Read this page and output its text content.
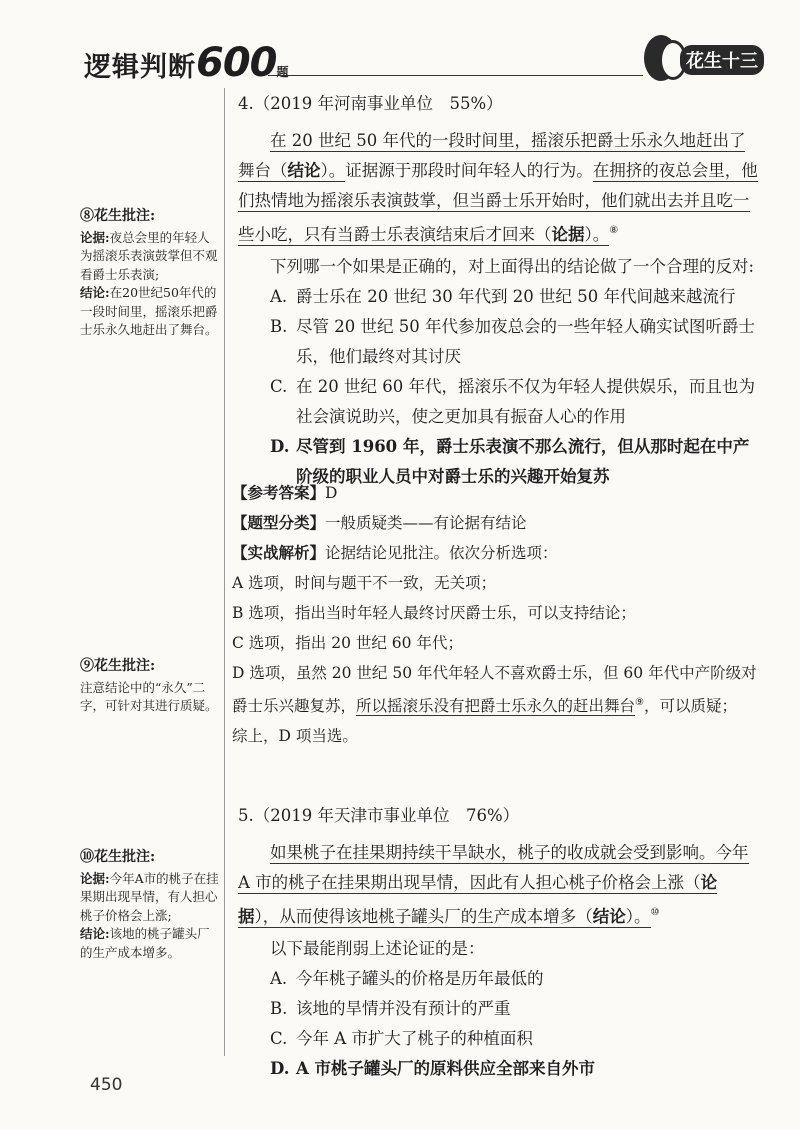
逻辑判断600题	花生十三
⑧花生批注:
论据:夜总会里的年轻人为摇滚乐表演鼓掌但不观看爵士乐表演;
结论:在20世纪50年代的一段时间里，摇滚乐把爵士乐永久地赶出了舞台。
⑨花生批注:
注意结论中的“永久”二字，可针对其进行质疑。
⑩花生批注:
论据:今年A市的桃子在挂果期出现旱情，有人担心桃子价格会上涨;
结论:该地的桃子罐头厂的生产成本增多。
4.（2019 年河南事业单位　55%）

在 20 世纪 50 年代的一段时间里，摇滚乐把爵士乐永久地赶出了舞台（结论）。证据源于那段时间年轻人的行为。在拥挤的夜总会里，他们热情地为摇滚乐表演鼓掌，但当爵士乐开始时，他们就出去并且吃一些小吃，只有当爵士乐表演结束后才回来（论据）。⑧

下列哪一个如果是正确的，对上面得出的结论做了一个合理的反对:

A. 爵士乐在 20 世纪 30 年代到 20 世纪 50 年代间越来越流行
B. 尽管 20 世纪 50 年代参加夜总会的一些年轻人确实试图听爵士乐，他们最终对其讨厌
C. 在 20 世纪 60 年代，摇滚乐不仅为年轻人提供娱乐，而且也为社会演说助兴，使之更加具有振奋人心的作用
D. 尽管到 1960 年，爵士乐表演不那么流行，但从那时起在中产阶级的职业人员中对爵士乐的兴趣开始复苏

【参考答案】D

【题型分类】一般质疑类——有论据有结论

【实战解析】论据结论见批注。依次分析选项：

A 选项，时间与题干不一致，无关项；

B 选项，指出当时年轻人最终讨厌爵士乐，可以支持结论；

C 选项，指出 20 世纪 60 年代；

D 选项，虽然 20 世纪 50 年代年轻人不喜欢爵士乐，但 60 年代中产阶级对爵士乐兴趣复苏，所以摇滚乐没有把爵士乐永久的赶出舞台⑨，可以质疑；

综上，D 项当选。

5.（2019 年天津市事业单位　76%）

如果桃子在挂果期持续干旱缺水，桃子的收成就会受到影响。今年 A 市的桃子在挂果期出现旱情，因此有人担心桃子价格会上涨（论据），从而使得该地桃子罐头厂的生产成本增多（结论）。⑩

以下最能削弱上述论证的是：

A. 今年桃子罐头的价格是历年最低的
B. 该地的旱情并没有预计的严重
C. 今年 A 市扩大了桃子的种植面积
D. A 市桃子罐头厂的原料供应全部来自外市
450
